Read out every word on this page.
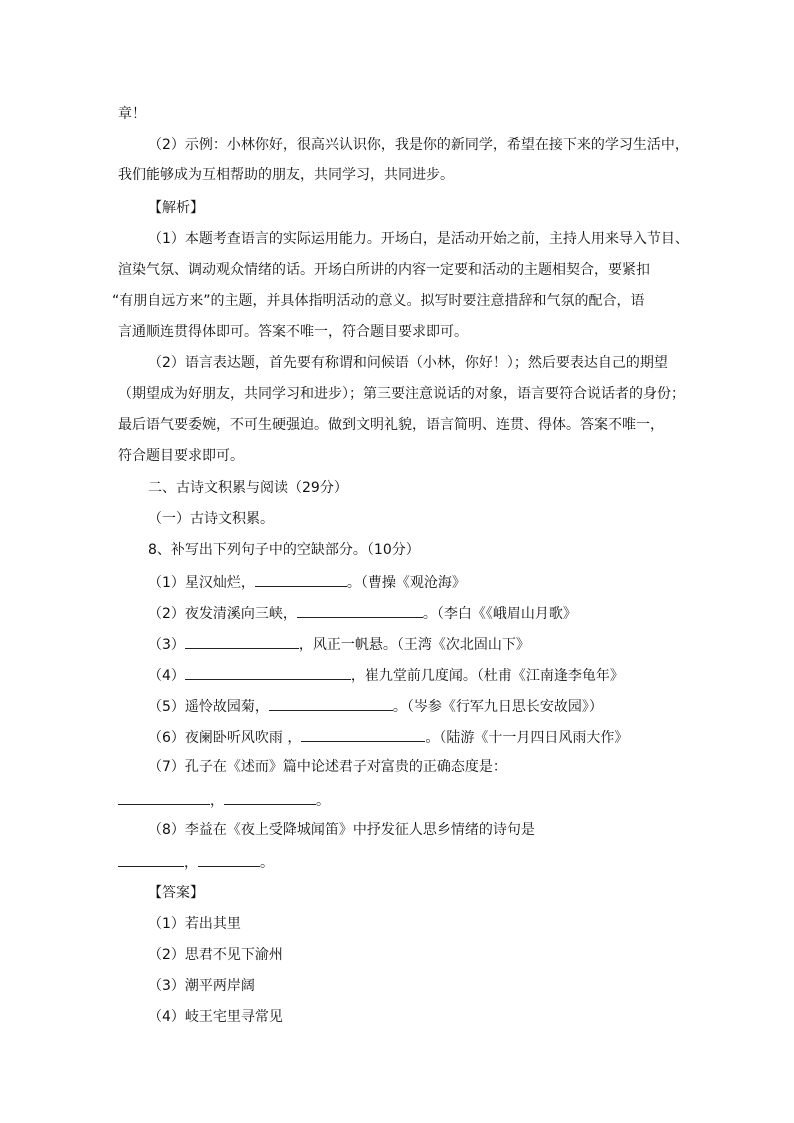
章！
（2）示例：小林你好，很高兴认识你，我是你的新同学，希望在接下来的学习生活中，
我们能够成为互相帮助的朋友，共同学习，共同进步。
【解析】
（1）本题考查语言的实际运用能力。开场白，是活动开始之前，主持人用来导入节目、
渲染气氛、调动观众情绪的话。开场白所讲的内容一定要和活动的主题相契合，要紧扣
“有朋自远方来”的主题，并具体指明活动的意义。拟写时要注意措辞和气氛的配合，语
言通顺连贯得体即可。答案不唯一，符合题目要求即可。
（2）语言表达题，首先要有称谓和问候语（小林，你好！）；然后要表达自己的期望
（期望成为好朋友，共同学习和进步）；第三要注意说话的对象，语言要符合说话者的身份；
最后语气要委婉，不可生硬强迫。做到文明礼貌，语言简明、连贯、得体。答案不唯一，
符合题目要求即可。
二、古诗文积累与阅读（29分）
（一）古诗文积累。
8、补写出下列句子中的空缺部分。（10分）
（1）星汉灿烂，	。（曹操《观沧海》
（2）夜发清溪向三峡，	。（李白《《峨眉山月歌》
（3）	，风正一帆悬。（王湾《次北固山下》
（4）	，崔九堂前几度闻。（杜甫《江南逢李龟年》
（5）遥怜故园菊，	。（岑参《行军九日思长安故园》）
（6）夜阑卧听风吹雨 ，	。（陆游《十一月四日风雨大作》
（7）孔子在《述而》篇中论述君子对富贵的正确态度是：
，	。
（8）李益在《夜上受降城闻笛》中抒发征人思乡情绪的诗句是
，	。
【答案】
（1）若出其里
（2）思君不见下渝州
（3）潮平两岸阔
（4）岐王宅里寻常见
